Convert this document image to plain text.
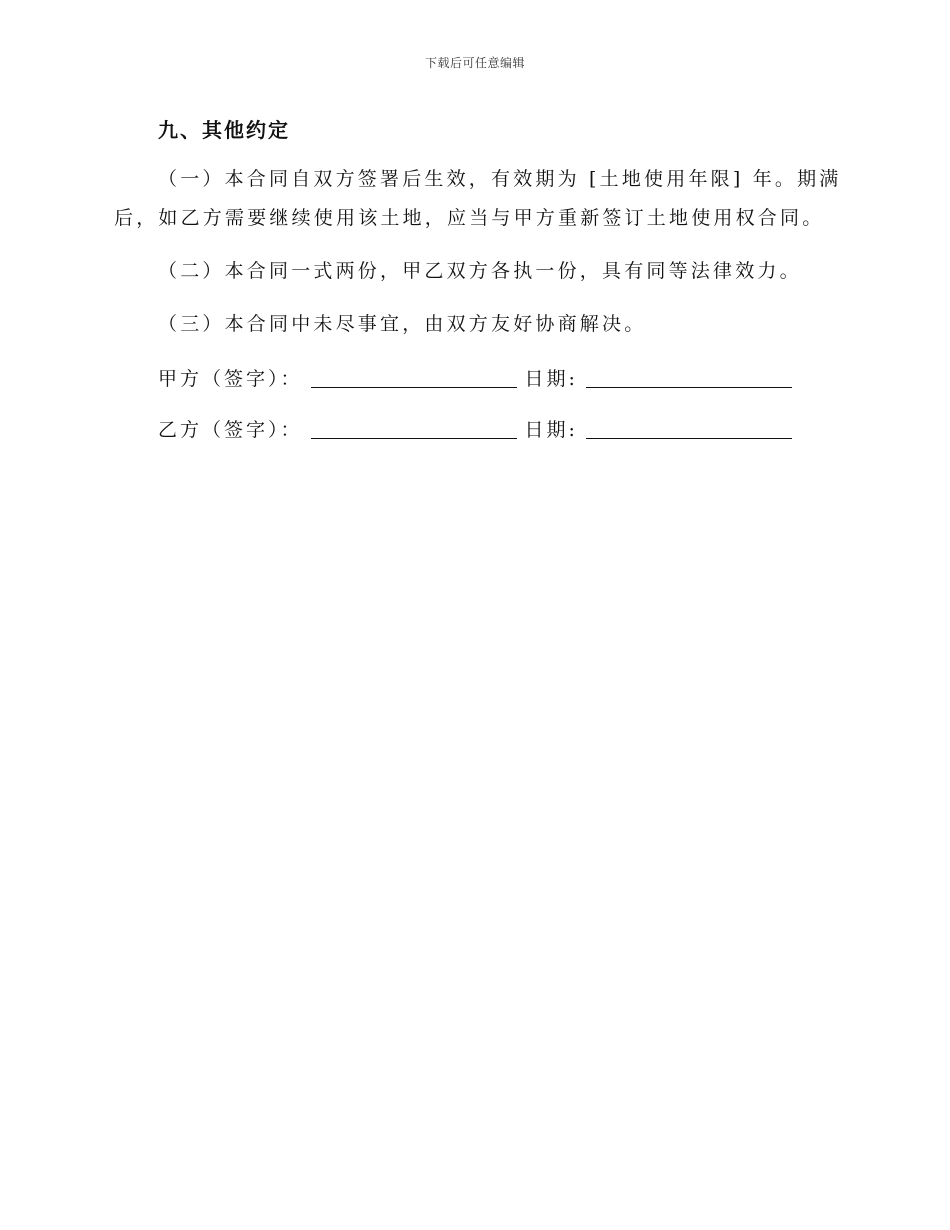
下载后可任意编辑
九、其他约定
（一）本合同自双方签署后生效，有效期为 [土地使用年限] 年。期满
后，如乙方需要继续使用该土地，应当与甲方重新签订土地使用权合同。
（二）本合同一式两份，甲乙双方各执一份，具有同等法律效力。
（三）本合同中未尽事宜，由双方友好协商解决。
甲方（签字）：	日期:
乙方（签字）：	日期:
